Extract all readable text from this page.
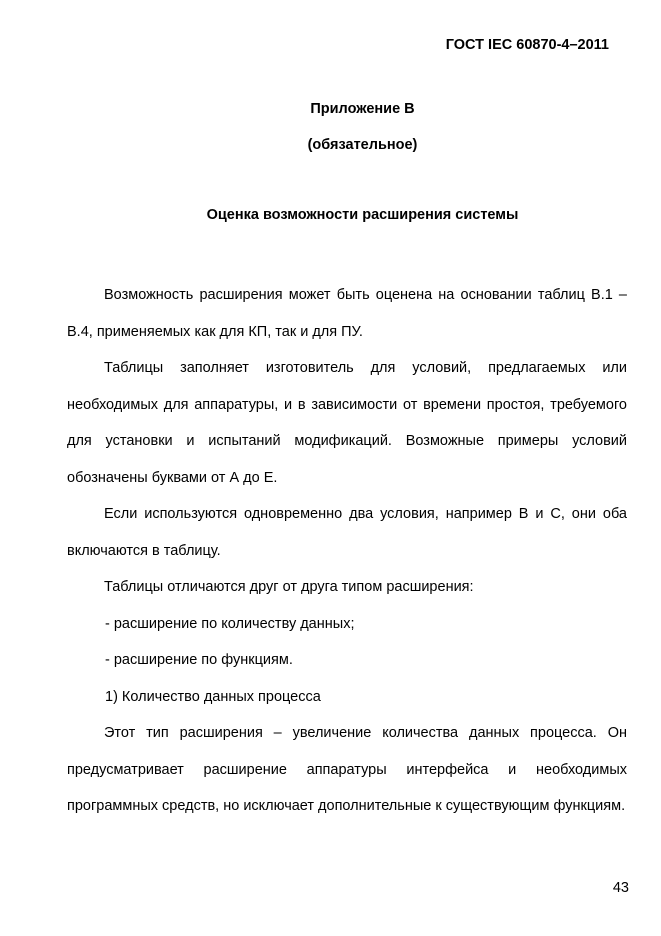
ГОСТ IEC 60870-4–2011
Приложение В
(обязательное)
Оценка возможности расширения системы

Возможность расширения может быть оценена на основании таблиц В.1 – В.4, применяемых как для КП, так и для ПУ.

Таблицы заполняет изготовитель для условий, предлагаемых или необходимых для аппаратуры, и в зависимости от времени простоя, требуемого для установки и испытаний модификаций. Возможные примеры условий обозначены буквами от А до Е.

Если используются одновременно два условия, например В и С, они оба включаются в таблицу.

Таблицы отличаются друг от друга типом расширения:

- расширение по количеству данных;

- расширение по функциям.

1) Количество данных процесса

Этот тип расширения – увеличение количества данных процесса. Он предусматривает расширение аппаратуры интерфейса и необходимых программных средств, но исключает дополнительные к существующим функциям.

43
